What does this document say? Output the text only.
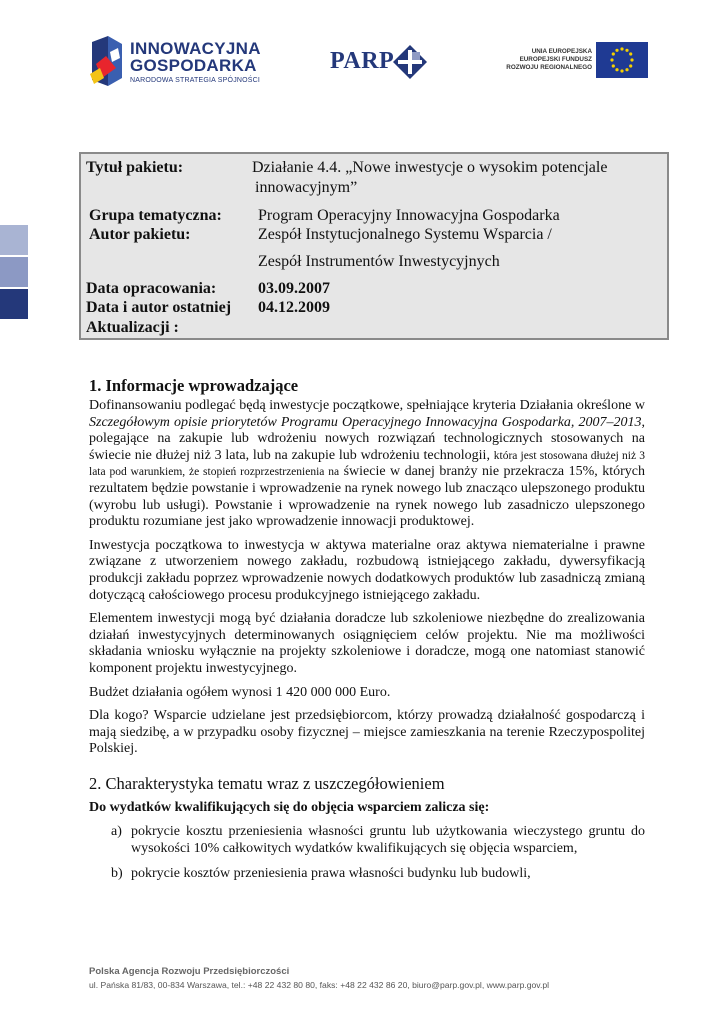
INNOWACYJNA
GOSPODARKA
NARODOWA STRATEGIA SPÓJNOŚCI
PARP	UNIA EUROPEJSKA
EUROPEJSKI FUNDUSZ
ROZWOJU REGIONALNEGO
Tytuł pakietu:	Działanie 4.4. „Nowe inwestycje o wysokim potencjale
innowacyjnym”
Grupa tematyczna: Program Operacyjny Innowacyjna Gospodarka
Autor pakietu:	Zespół Instytucjonalnego Systemu Wsparcia /
Zespół Instrumentów Inwestycyjnych
Data opracowania:	03.09.2007
Data i autor ostatniej 04.12.2009
Aktualizacji :
1. Informacje wprowadzające

Dofinansowaniu podlegać będą inwestycje początkowe, spełniające kryteria Działania określone w Szczegółowym opisie priorytetów Programu Operacyjnego Innowacyjna Gospodarka, 2007–2013, polegające na zakupie lub wdrożeniu nowych rozwiązań technologicznych stosowanych na świecie nie dłużej niż 3 lata, lub na zakupie lub wdrożeniu technologii, która jest stosowana dłużej niż 3 lata pod warunkiem, że stopień rozprzestrzenienia na świecie w danej branży nie przekracza 15%, których rezultatem będzie powstanie i wprowadzenie na rynek nowego lub znacząco ulepszonego produktu (wyrobu lub usługi). Powstanie i wprowadzenie na rynek nowego lub zasadniczo ulepszonego produktu rozumiane jest jako wprowadzenie innowacji produktowej.

Inwestycja początkowa to inwestycja w aktywa materialne oraz aktywa niematerialne i prawne związane z utworzeniem nowego zakładu, rozbudową istniejącego zakładu, dywersyfikacją produkcji zakładu poprzez wprowadzenie nowych dodatkowych produktów lub zasadniczą zmianą dotyczącą całościowego procesu produkcyjnego istniejącego zakładu.

Elementem inwestycji mogą być działania doradcze lub szkoleniowe niezbędne do zrealizowania działań inwestycyjnych determinowanych osiągnięciem celów projektu. Nie ma możliwości składania wniosku wyłącznie na projekty szkoleniowe i doradcze, mogą one natomiast stanowić komponent projektu inwestycyjnego.

Budżet działania ogółem wynosi 1 420 000 000 Euro.

Dla kogo? Wsparcie udzielane jest przedsiębiorcom, którzy prowadzą działalność gospodarczą i mają siedzibę, a w przypadku osoby fizycznej – miejsce zamieszkania na terenie Rzeczypospolitej Polskiej.

2. Charakterystyka tematu wraz z uszczegółowieniem

Do wydatków kwalifikujących się do objęcia wsparciem zalicza się:

a) pokrycie kosztu przeniesienia własności gruntu lub użytkowania wieczystego gruntu do wysokości 10% całkowitych wydatków kwalifikujących się objęcia wsparciem,
b) pokrycie kosztów przeniesienia prawa własności budynku lub budowli,
Polska Agencja Rozwoju Przedsiębiorczości
ul. Pańska 81/83, 00-834 Warszawa, tel.: +48 22 432 80 80, faks: +48 22 432 86 20, biuro@parp.gov.pl, www.parp.gov.pl
